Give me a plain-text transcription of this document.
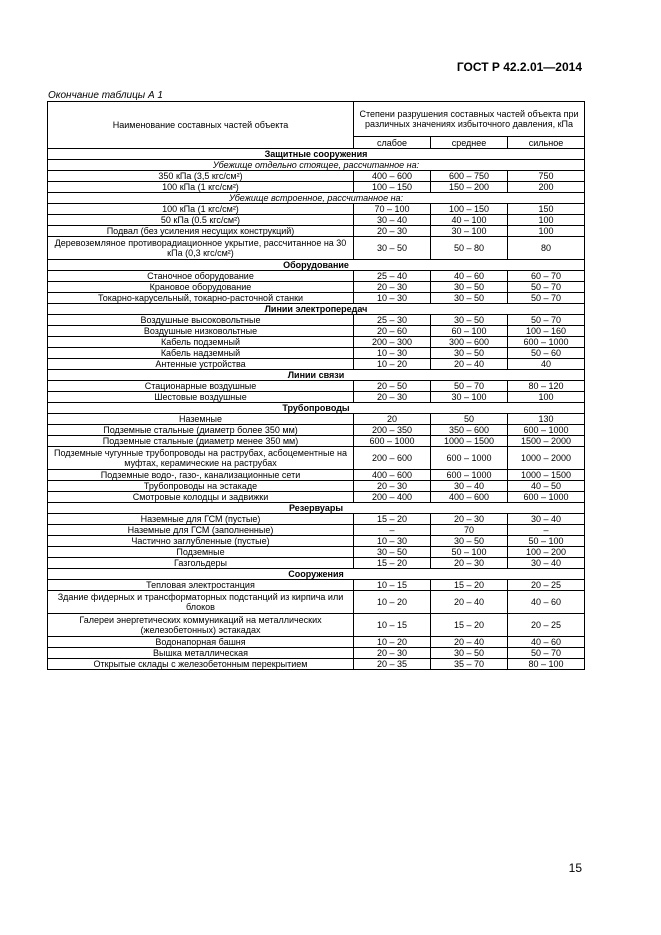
ГОСТ Р 42.2.01—2014
Окончание таблицы А 1
Наименование составных частей объекта	Степени разрушения составных частей объекта при различных значениях избыточного давления, кПа		
	слабое	среднее	сильное
Защитные сооружения			
Убежище отдельно стоящее, рассчитанное на:			
350 кПа (3,5 кгс/см²)	400 – 600	600 – 750	750
100 кПа (1 кгс/см²)	100 – 150	150 – 200	200
Убежище встроенное, рассчитанное на:			
100 кПа (1 кгс/см²)	70 – 100	100 – 150	150
50 кПа (0.5 кгс/см²)	30 – 40	40 – 100	100
Подвал (без усиления несущих конструкций)	20 – 30	30 – 100	100
Деревоземляное противорадиационное укрытие, рассчитанное на 30 кПа (0,3 кгс/см²)	30 – 50	50 – 80	80
Оборудование			
Станочное оборудование	25 – 40	40 – 60	60 – 70
Крановое оборудование	20 – 30	30 – 50	50 – 70
Токарно-карусельный, токарно-расточной станки	10 – 30	30 – 50	50 – 70
Линии электропередач			
Воздушные высоковольтные	25 – 30	30 – 50	50 – 70
Воздушные низковольтные	20 – 60	60 – 100	100 – 160
Кабель подземный	200 – 300	300 – 600	600 – 1000
Кабель надземный	10 – 30	30 – 50	50 – 60
Антенные устройства	10 – 20	20 – 40	40
Линии связи			
Стационарные воздушные	20 – 50	50 – 70	80 – 120
Шестовые воздушные	20 – 30	30 – 100	100
Трубопроводы			
Наземные	20	50	130
Подземные стальные (диаметр более 350 мм)	200 – 350	350 – 600	600 – 1000
Подземные стальные (диаметр менее 350 мм)	600 – 1000	1000 – 1500	1500 – 2000
Подземные чугунные трубопроводы на раструбах, асбоцементные на муфтах, керамические на раструбах	200 – 600	600 – 1000	1000 – 2000
Подземные водо-, газо-, канализационные сети	400 – 600	600 – 1000	1000 – 1500
Трубопроводы на эстакаде	20 – 30	30 – 40	40 – 50
Смотровые колодцы и задвижки	200 – 400	400 – 600	600 – 1000
Резервуары			
Наземные для ГСМ (пустые)	15 – 20	20 – 30	30 – 40
Наземные для ГСМ (заполненные)	–	70	–
Частично заглубленные (пустые)	10 – 30	30 – 50	50 – 100
Подземные	30 – 50	50 – 100	100 – 200
Газгольдеры	15 – 20	20 – 30	30 – 40
Сооружения			
Тепловая электростанция	10 – 15	15 – 20	20 – 25
Здание фидерных и трансформаторных подстанций из кирпича или блоков	10 – 20	20 – 40	40 – 60
Галереи энергетических коммуникаций на металлических (железобетонных) эстакадах	10 – 15	15 – 20	20 – 25
Водонапорная башня	10 – 20	20 – 40	40 – 60
Вышка металлическая	20 – 30	30 – 50	50 – 70
Открытые склады с железобетонным перекрытием	20 – 35	35 – 70	80 – 100
15
